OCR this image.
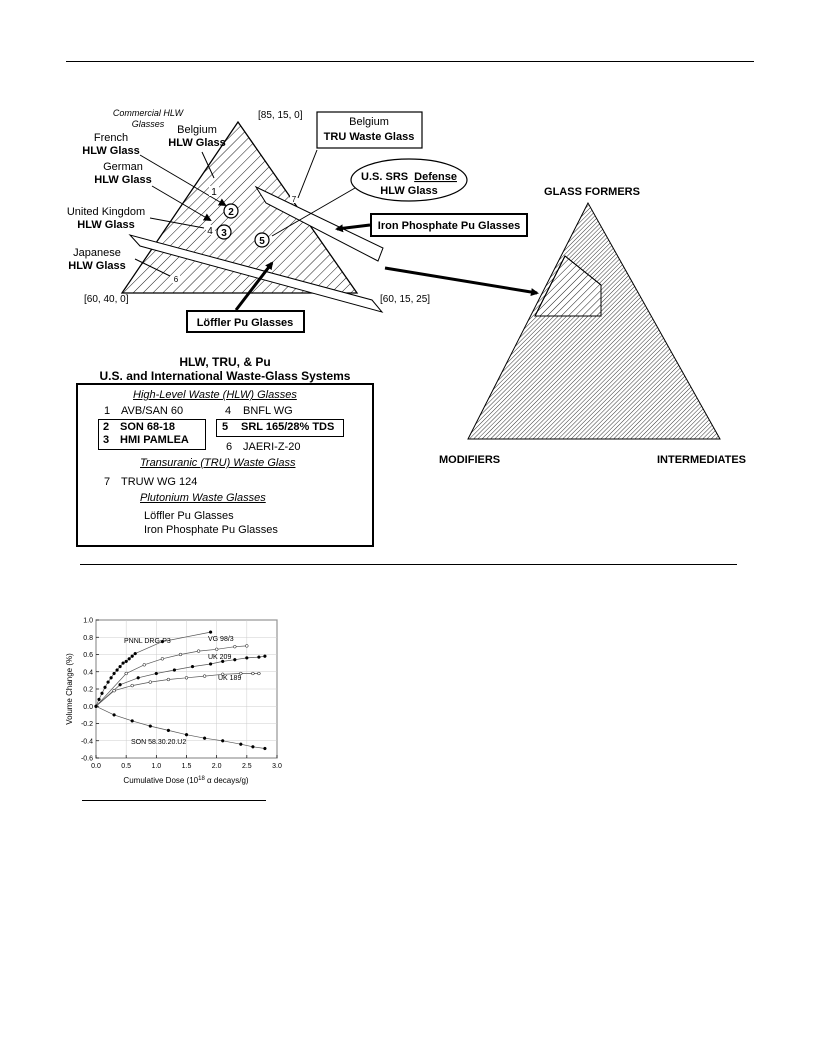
[85, 15, 0]
[60, 40, 0]	[60, 15, 25]
Commercial HLW
Glasses Belgium
HLW Glass
French
HLW Glass
German
HLW Glass
United Kingdom
HLW Glass
Japanese
HLW Glass
1
2
3
4
5
6
7
Belgium
TRU Waste Glass
U.S. SRS Defense
HLW Glass
Iron Phosphate Pu Glasses
Löffler Pu Glasses
GLASS FORMERS
MODIFIERS	INTERMEDIATES
HLW, TRU, & Pu
U.S. and International Waste-Glass Systems
High-Level Waste (HLW) Glasses
1 AVB/SAN 60	4 BNFL WG
2 SON 68-18
3 HMI PAMLEA
5 SRL 165/28% TDS
6 JAERI-Z-20
Transuranic (TRU) Waste Glass
7 TRUW WG 124
Plutonium Waste Glasses
Löffler Pu Glasses
Iron Phosphate Pu Glasses
-0.6
-0.4
-0.2
0.0
0.2
0.4
0.6
0.8
1.0
0.0	0.5	1.0	1.5	2.0	2.5	3.0
PNNL DRG-P3	VG 98/3
UK 209
UK 189
SON 58.30.20.U2
Volume Change (%)
Cumulative Dose ($10^{18}$ α decays/g)
